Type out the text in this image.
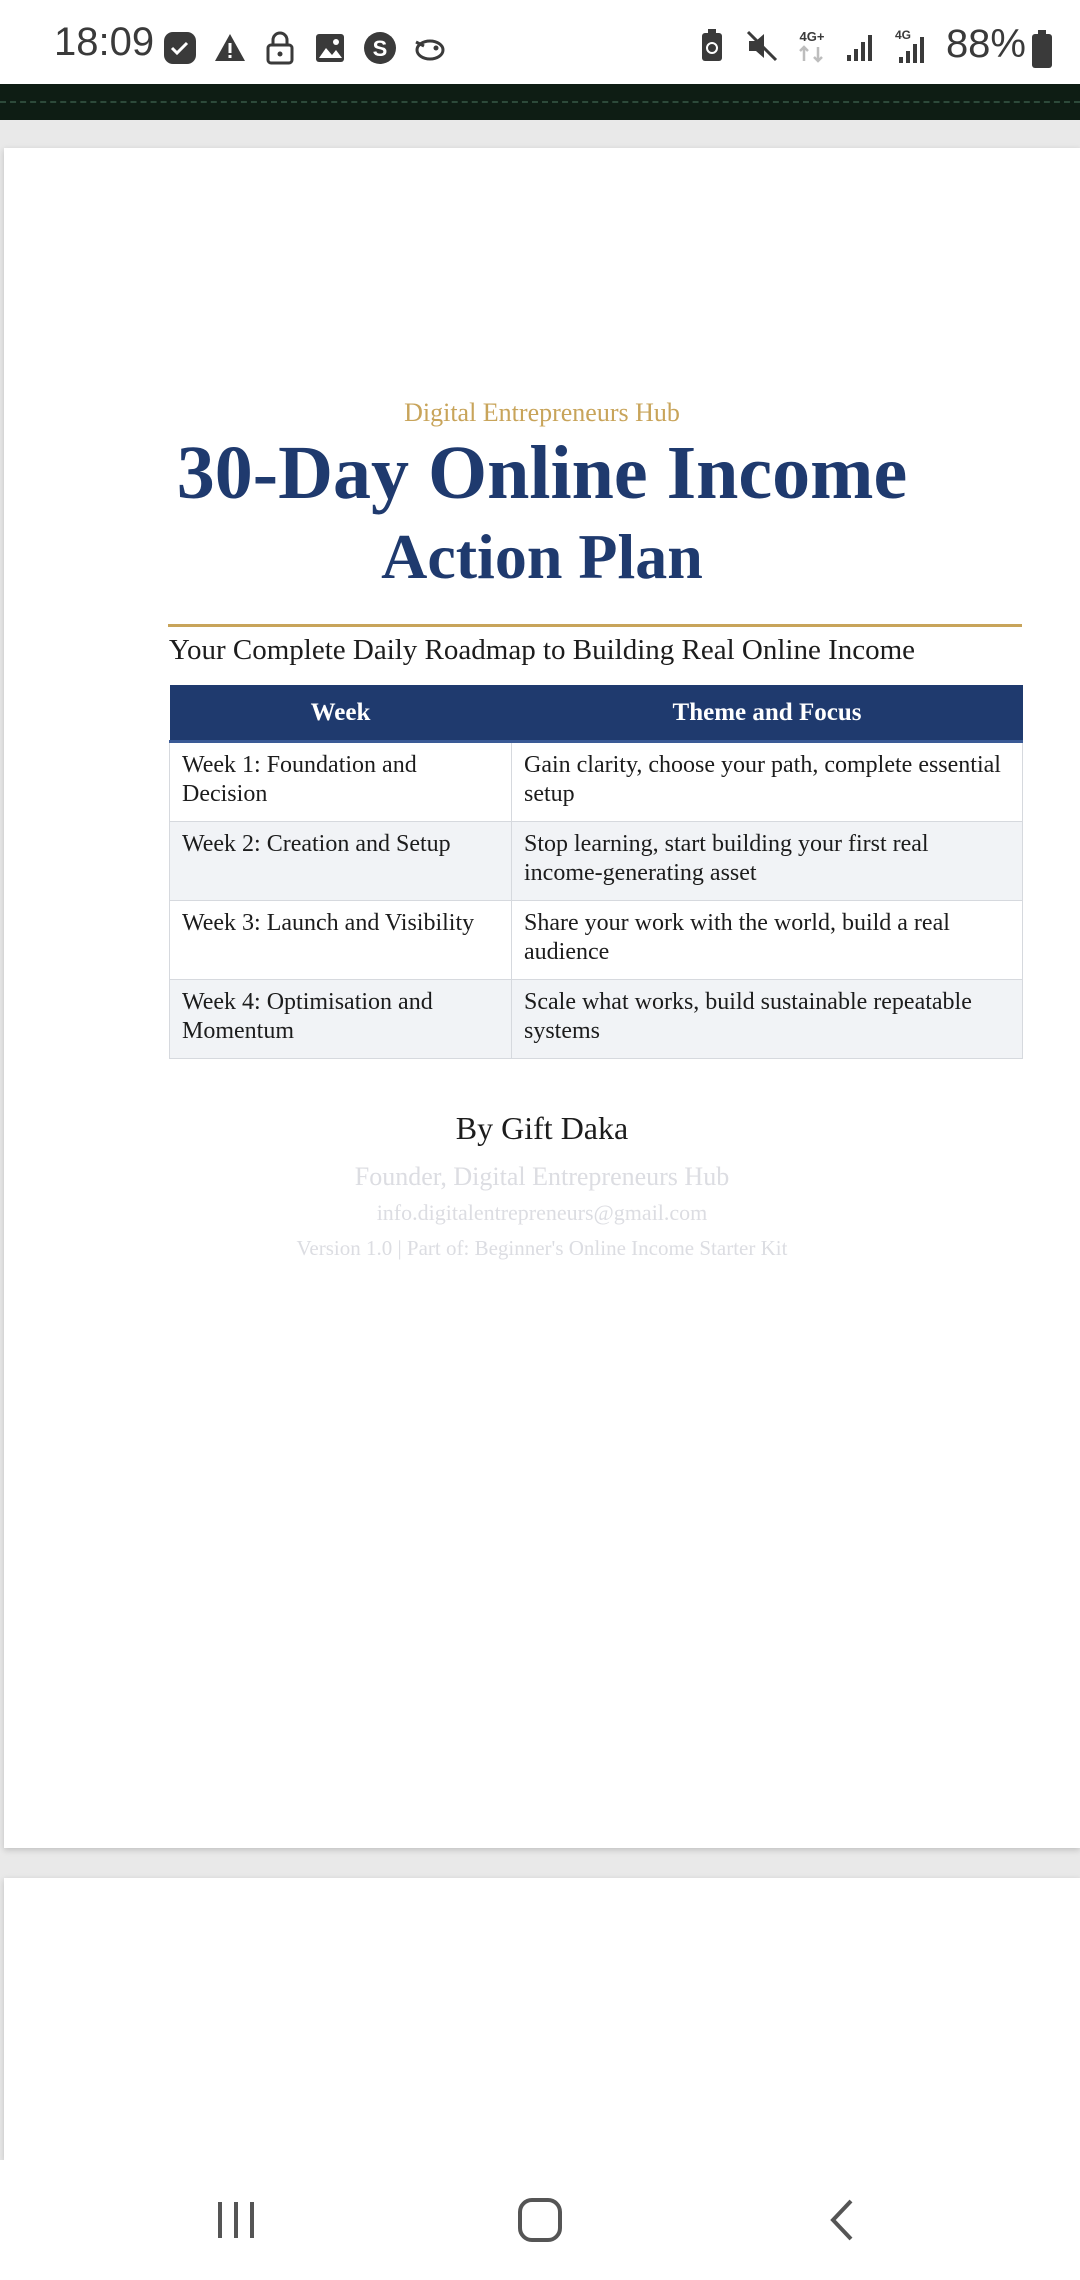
18:09	S	4G+	4G 88%
Digital Entrepreneurs Hub
30-Day Online Income
Action Plan
Your Complete Daily Roadmap to Building Real Online Income
Week	Theme and Focus
Week 1: Foundation and Decision	Gain clarity, choose your path, complete essential setup
Week 2: Creation and Setup	Stop learning, start building your first real income-generating asset
Week 3: Launch and Visibility	Share your work with the world, build a real audience
Week 4: Optimisation and Momentum	Scale what works, build sustainable repeatable systems
By Gift Daka
Founder, Digital Entrepreneurs Hub
info.digitalentrepreneurs@gmail.com
Version 1.0 | Part of: Beginner's Online Income Starter Kit
